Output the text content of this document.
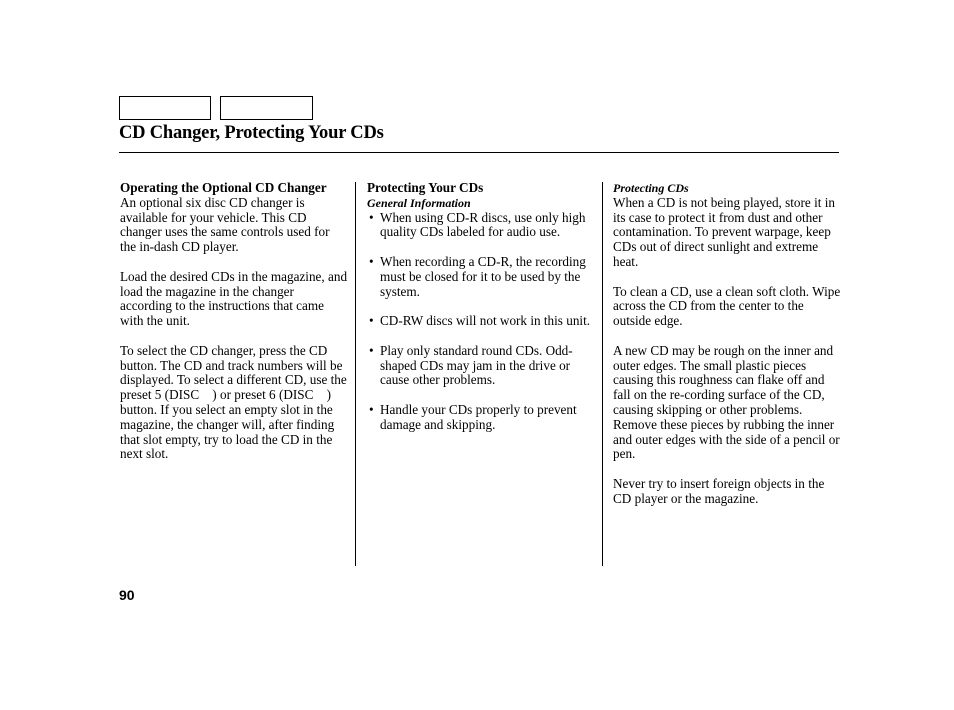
CD Changer, Protecting Your CDs
Operating the Optional CD Changer

An optional six disc CD changer is available for your vehicle. This CD changer uses the same controls used for the in-dash CD player.

Load the desired CDs in the magazine, and load the magazine in the changer according to the instructions that came with the unit.

To select the CD changer, press the CD button. The CD and track numbers will be displayed. To select a different CD, use the preset 5 (DISC    ) or preset 6 (DISC    ) button. If you select an empty slot in the magazine, the changer will, after finding that slot empty, try to load the CD in the next slot.

Protecting Your CDs
General Information
• When using CD-R discs, use only high quality CDs labeled for audio use.
• When recording a CD-R, the recording must be closed for it to be used by the system.
• CD-RW discs will not work in this unit.
• Play only standard round CDs. Odd-shaped CDs may jam in the drive or cause other problems.
• Handle your CDs properly to prevent damage and skipping.
Protecting CDs

When a CD is not being played, store it in its case to protect it from dust and other contamination. To prevent warpage, keep CDs out of direct sunlight and extreme heat.

To clean a CD, use a clean soft cloth. Wipe across the CD from the center to the outside edge.

A new CD may be rough on the inner and outer edges. The small plastic pieces causing this roughness can flake off and fall on the re-cording surface of the CD, causing skipping or other problems. Remove these pieces by rubbing the inner and outer edges with the side of a pencil or pen.

Never try to insert foreign objects in the CD player or the magazine.

90
